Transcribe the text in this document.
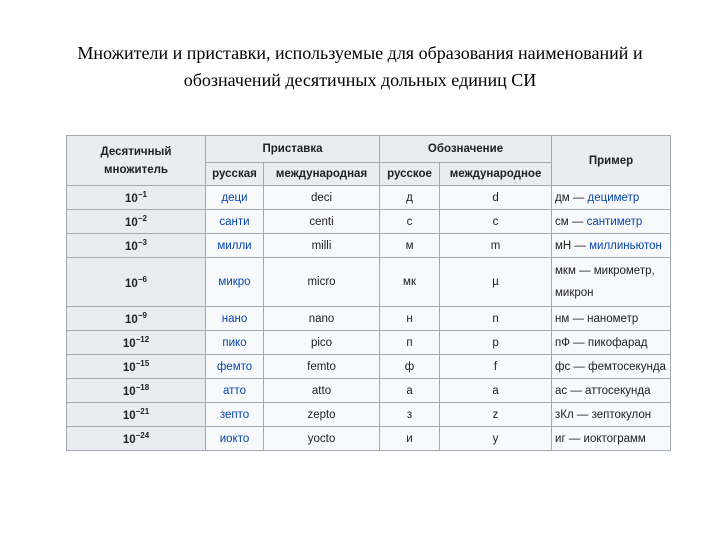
Множители и приставки, используемые для образования наименований и
обозначений десятичных дольных единиц СИ
Десятичный множитель	Приставка		Обозначение		Пример
	русская	международная	русское	международное	
$10^{-1}$	деци	deci	д	d	дм — дециметр
$10^{-2}$	санти	centi	с	c	см — сантиметр
$10^{-3}$	милли	milli	м	m	мН — миллиньютон
$10^{-6}$	микро	micro	мк	µ	мкм — микрометр, микрон
$10^{-9}$	нано	nano	н	n	нм — нанометр
$10^{-12}$	пико	pico	п	p	пФ — пикофарад
$10^{-15}$	фемто	femto	ф	f	фс — фемтосекунда
$10^{-18}$	атто	atto	а	a	ас — аттосекунда
$10^{-21}$	зепто	zepto	з	z	зКл — зептокулон
$10^{-24}$	иокто	yocto	и	y	иг — иоктограмм
